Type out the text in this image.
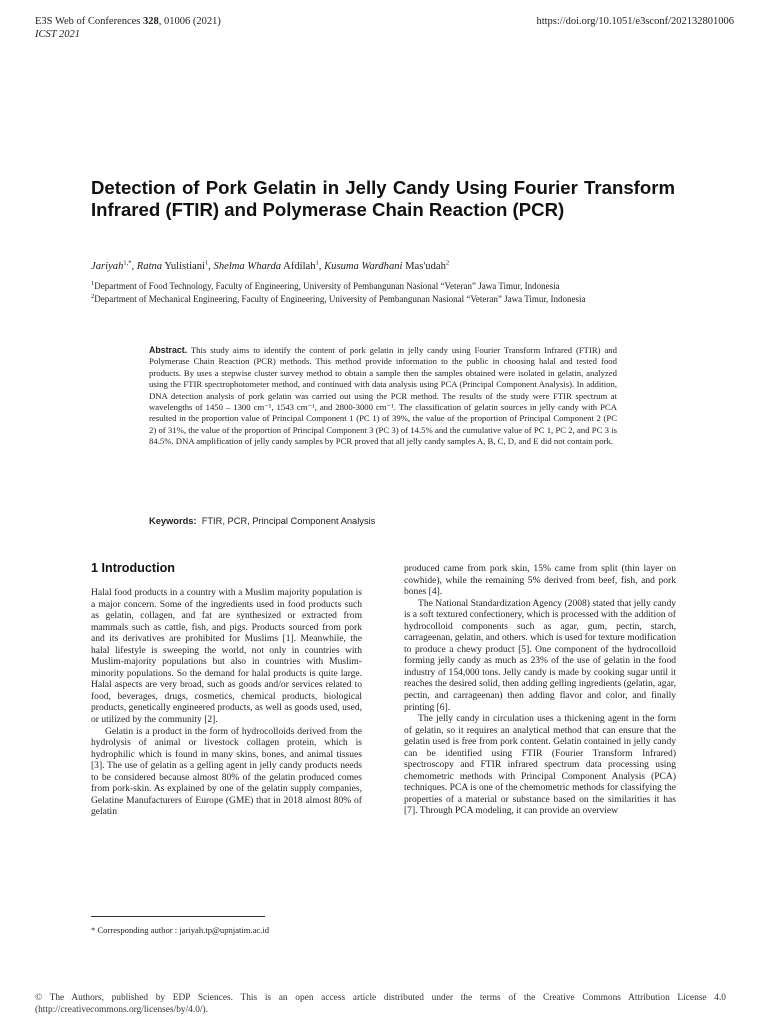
E3S Web of Conferences 328, 01006 (2021)
ICST 2021
https://doi.org/10.1051/e3sconf/202132801006
Detection of Pork Gelatin in Jelly Candy Using Fourier Transform Infrared (FTIR) and Polymerase Chain Reaction (PCR)
Jariyah$^{1,*}$, Ratna Yulistiani$^1$, Shelma Wharda Afdilah$^1$, Kusuma Wardhani Mas'udah$^2$
$^1$Department of Food Technology, Faculty of Engineering, University of Pembangunan Nasional “Veteran” Jawa Timur, Indonesia
$^2$Department of Mechanical Engineering, Faculty of Engineering, University of Pembangunan Nasional “Veteran” Jawa Timur, Indonesia
Abstract. This study aims to identify the content of pork gelatin in jelly candy using Fourier Transform Infrared (FTIR) and Polymerase Chain Reaction (PCR) methods. This method provide information to the public in choosing halal and tested food products. By uses a stepwise cluster survey method to obtain a sample then the samples obtained were isolated in gelatin, analyzed using the FTIR spectrophotometer method, and continued with data analysis using PCA (Principal Component Analysis). In addition, DNA detection analysis of pork gelatin was carried out using the PCR method. The results of the study were FTIR spectrum at wavelengths of 1450 – 1300 cm⁻¹, 1543 cm⁻¹, and 2800-3000 cm⁻¹. The classification of gelatin sources in jelly candy with PCA resulted in the proportion value of Principal Component 1 (PC 1) of 39%, the value of the proportion of Principal Component 2 (PC 2) of 31%, the value of the proportion of Principal Component 3 (PC 3) of 14.5% and the cumulative value of PC 1, PC 2, and PC 3 is 84.5%. DNA amplification of jelly candy samples by PCR proved that all jelly candy samples A, B, C, D, and E did not contain pork.
Keywords: FTIR, PCR, Principal Component Analysis
1 Introduction

Halal food products in a country with a Muslim majority population is a major concern. Some of the ingredients used in food products such as gelatin, collagen, and fat are synthesized or extracted from mammals such as cattle, fish, and pigs. Products sourced from pork and its derivatives are prohibited for Muslims [1]. Meanwhile, the halal lifestyle is sweeping the world, not only in countries with Muslim-majority populations but also in countries with Muslim-minority populations. So the demand for halal products is quite large. Halal aspects are very broad, such as goods and/or services related to food, beverages, drugs, cosmetics, chemical products, biological products, genetically engineered products, as well as goods used, used, or utilized by the community [2].

Gelatin is a product in the form of hydrocolloids derived from the hydrolysis of animal or livestock collagen protein, which is hydrophilic which is found in many skins, bones, and animal tissues [3]. The use of gelatin as a gelling agent in jelly candy products needs to be considered because almost 80% of the gelatin produced comes from pork-skin. As explained by one of the gelatin supply companies, Gelatine Manufacturers of Europe (GME) that in 2018 almost 80% of gelatin

produced came from pork skin, 15% came from split (thin layer on cowhide), while the remaining 5% derived from beef, fish, and pork bones [4].

The National Standardization Agency (2008) stated that jelly candy is a soft textured confectionery, which is processed with the addition of hydrocolloid components such as agar, gum, pectin, starch, carrageenan, gelatin, and others. which is used for texture modification to produce a chewy product [5]. One component of the hydrocolloid forming jelly candy as much as 23% of the use of gelatin in the food industry of 154,000 tons. Jelly candy is made by cooking sugar until it reaches the desired solid, then adding gelling ingredients (gelatin, agar, pectin, and carrageenan) then adding flavor and color, and finally printing [6].

The jelly candy in circulation uses a thickening agent in the form of gelatin, so it requires an analytical method that can ensure that the gelatin used is free from pork content. Gelatin contained in jelly candy can be identified using FTIR (Fourier Transform Infrared) spectroscopy and FTIR infrared spectrum data processing using chemometric methods with Principal Component Analysis (PCA) techniques. PCA is one of the chemometric methods for classifying the properties of a material or substance based on the similarities it has [7]. Through PCA modeling, it can provide an overview

* Corresponding author : jariyah.tp@upnjatim.ac.id
© The Authors, published by EDP Sciences. This is an open access article distributed under the terms of the Creative Commons Attribution License 4.0 (http://creativecommons.org/licenses/by/4.0/).
